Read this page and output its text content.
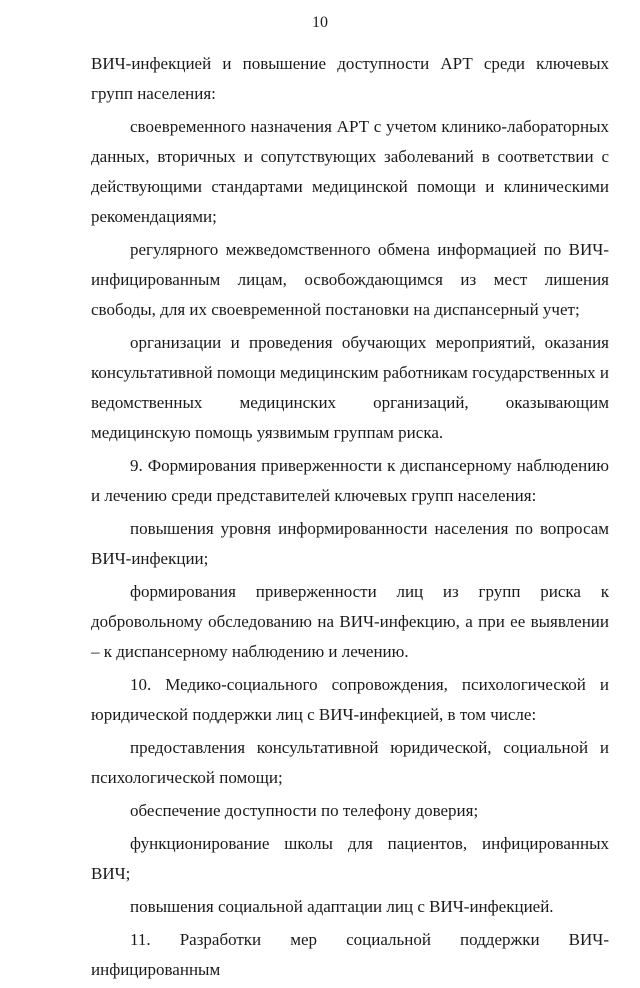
10

ВИЧ-инфекцией и повышение доступности АРТ среди ключевых групп населения:

своевременного назначения АРТ с учетом клинико-лабораторных данных, вторичных и сопутствующих заболеваний в соответствии с действующими стандартами медицинской помощи и клиническими рекомендациями;

регулярного межведомственного обмена информацией по ВИЧ-инфицированным лицам, освобождающимся из мест лишения свободы, для их своевременной постановки на диспансерный учет;

организации и проведения обучающих мероприятий, оказания консультативной помощи медицинским работникам государственных и ведомственных медицинских организаций, оказывающим медицинскую помощь уязвимым группам риска.

9. Формирования приверженности к диспансерному наблюдению и лечению среди представителей ключевых групп населения:

повышения уровня информированности населения по вопросам ВИЧ-инфекции;

формирования приверженности лиц из групп риска к добровольному обследованию на ВИЧ-инфекцию, а при ее выявлении – к диспансерному наблюдению и лечению.

10. Медико-социального сопровождения, психологической и юридической поддержки лиц с ВИЧ-инфекцией, в том числе:

предоставления консультативной юридической, социальной и психологической помощи;

обеспечение доступности по телефону доверия;

функционирование школы для пациентов, инфицированных ВИЧ;

повышения социальной адаптации лиц с ВИЧ-инфекцией.

11. Разработки мер социальной поддержки ВИЧ-инфицированным
